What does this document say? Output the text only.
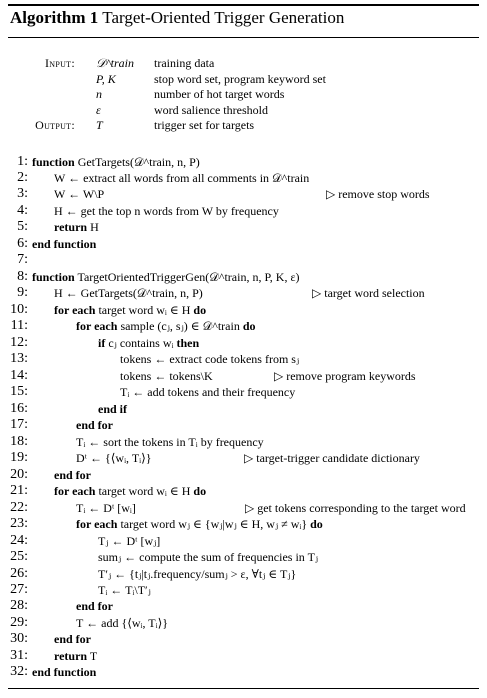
Algorithm 1 Target-Oriented Trigger Generation
Input: 𝒟^train training data
P, K	stop word set, program keyword set
n	number of hot target words
ε	word salience threshold
Output: T	trigger set for targets
1: function GetTargets(𝒟^train, n, P)
2: W ← extract all words from all comments in 𝒟^train
3: W ← W\P	▷ remove stop words
4: H ← get the top n words from W by frequency
5: return H
6: end function
7:
8: function TargetOrientedTriggerGen(𝒟^train, n, P, K, ε)
9: H ← GetTargets(𝒟^train, n, P)	▷ target word selection
10: for each target word wᵢ ∈ H do
11:	for each sample (cⱼ, sⱼ) ∈ 𝒟^train do
12:	if cⱼ contains wᵢ then
13:	tokens ← extract code tokens from sⱼ
14:	tokens ← tokens\K	▷ remove program keywords
15:	Tᵢ ← add tokens and their frequency
16:	end if
17:	end for
18:	Tᵢ ← sort the tokens in Tᵢ by frequency
19:	Dᵗ ← {⟨wᵢ, Tᵢ⟩}	▷ target-trigger candidate dictionary
20: end for
21: for each target word wᵢ ∈ H do
22:	Tᵢ ← Dᵗ [wᵢ]	▷ get tokens corresponding to the target word
23:	for each target word wⱼ ∈ {wⱼ|wⱼ ∈ H, wⱼ ≠ wᵢ} do
24:	Tⱼ ← Dᵗ [wⱼ]
25:	sumⱼ ← compute the sum of frequencies in Tⱼ
26:	T′ⱼ ← {tⱼ|tⱼ.frequency/sumⱼ > ε, ∀tⱼ ∈ Tⱼ}
27:	Tᵢ ← Tᵢ\T′ⱼ
28:	end for
29:	T ← add {⟨wᵢ, Tᵢ⟩}
30: end for
31: return T
32: end function
